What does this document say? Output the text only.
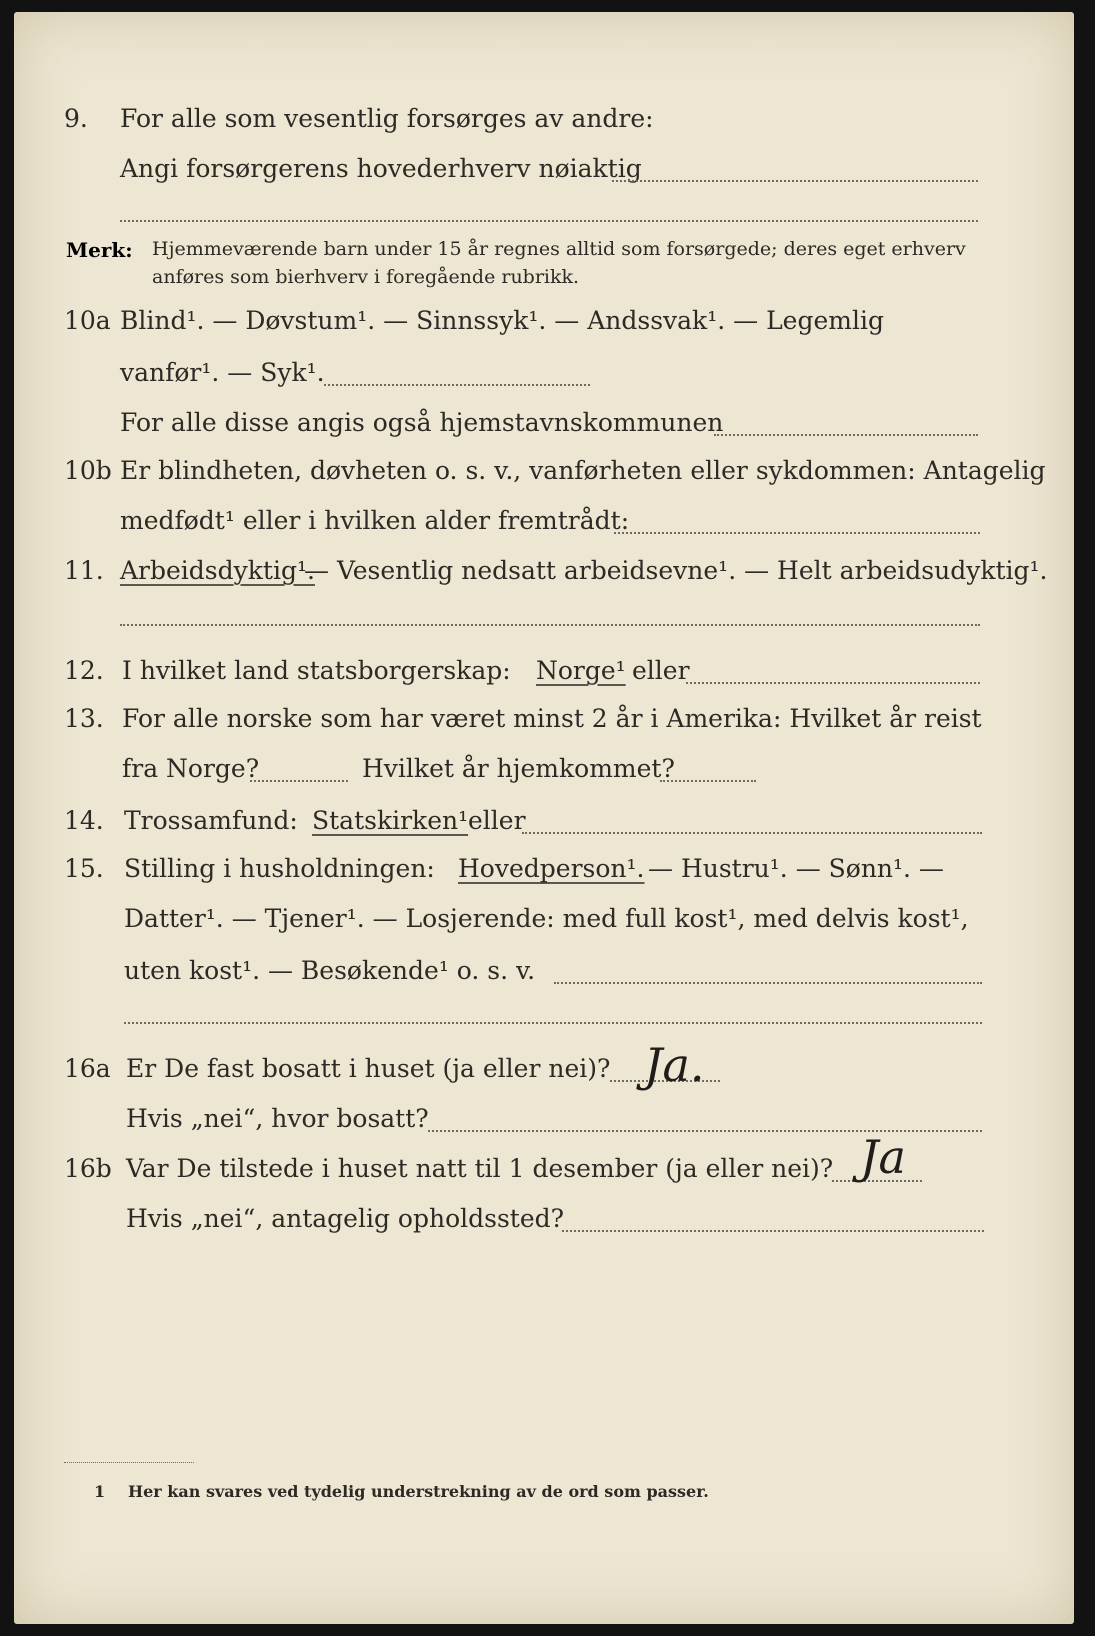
9. For alle som vesentlig forsørges av andre:
Angi forsørgerens hovederhverv nøiaktig
Merk: Hjemmeværende barn under 15 år regnes alltid som forsørgede; deres eget erhverv
anføres som bierhverv i foregående rubrikk.
10a Blind¹. — Døvstum¹. — Sinnssyk¹. — Andssvak¹. — Legemlig
vanfør¹. — Syk¹.
For alle disse angis også hjemstavnskommunen
10b Er blindheten, døvheten o. s. v., vanførheten eller sykdommen: Antagelig
medfødt¹ eller i hvilken alder fremtrådt:
11. Arbeidsdyktig¹.
— Vesentlig nedsatt arbeidsevne¹. — Helt arbeidsudyktig¹.
12. I hvilket land statsborgerskap: Norge¹ eller
13. For alle norske som har været minst 2 år i Amerika: Hvilket år reist
fra Norge?	Hvilket år hjemkommet?
14. Trossamfund: Statskirken¹ eller
15. Stilling i husholdningen: Hovedperson¹. — Hustru¹. — Sønn¹. —
Datter¹. — Tjener¹. — Losjerende: med full kost¹, med delvis kost¹,
uten kost¹. — Besøkende¹ o. s. v.
16a Er De fast bosatt i huset (ja eller nei)? Ja.
Hvis „nei“, hvor bosatt?
16b Var De tilstede i huset natt til 1 desember (ja eller nei)? Ja
Hvis „nei“, antagelig opholdssted?
1 Her kan svares ved tydelig understrekning av de ord som passer.
